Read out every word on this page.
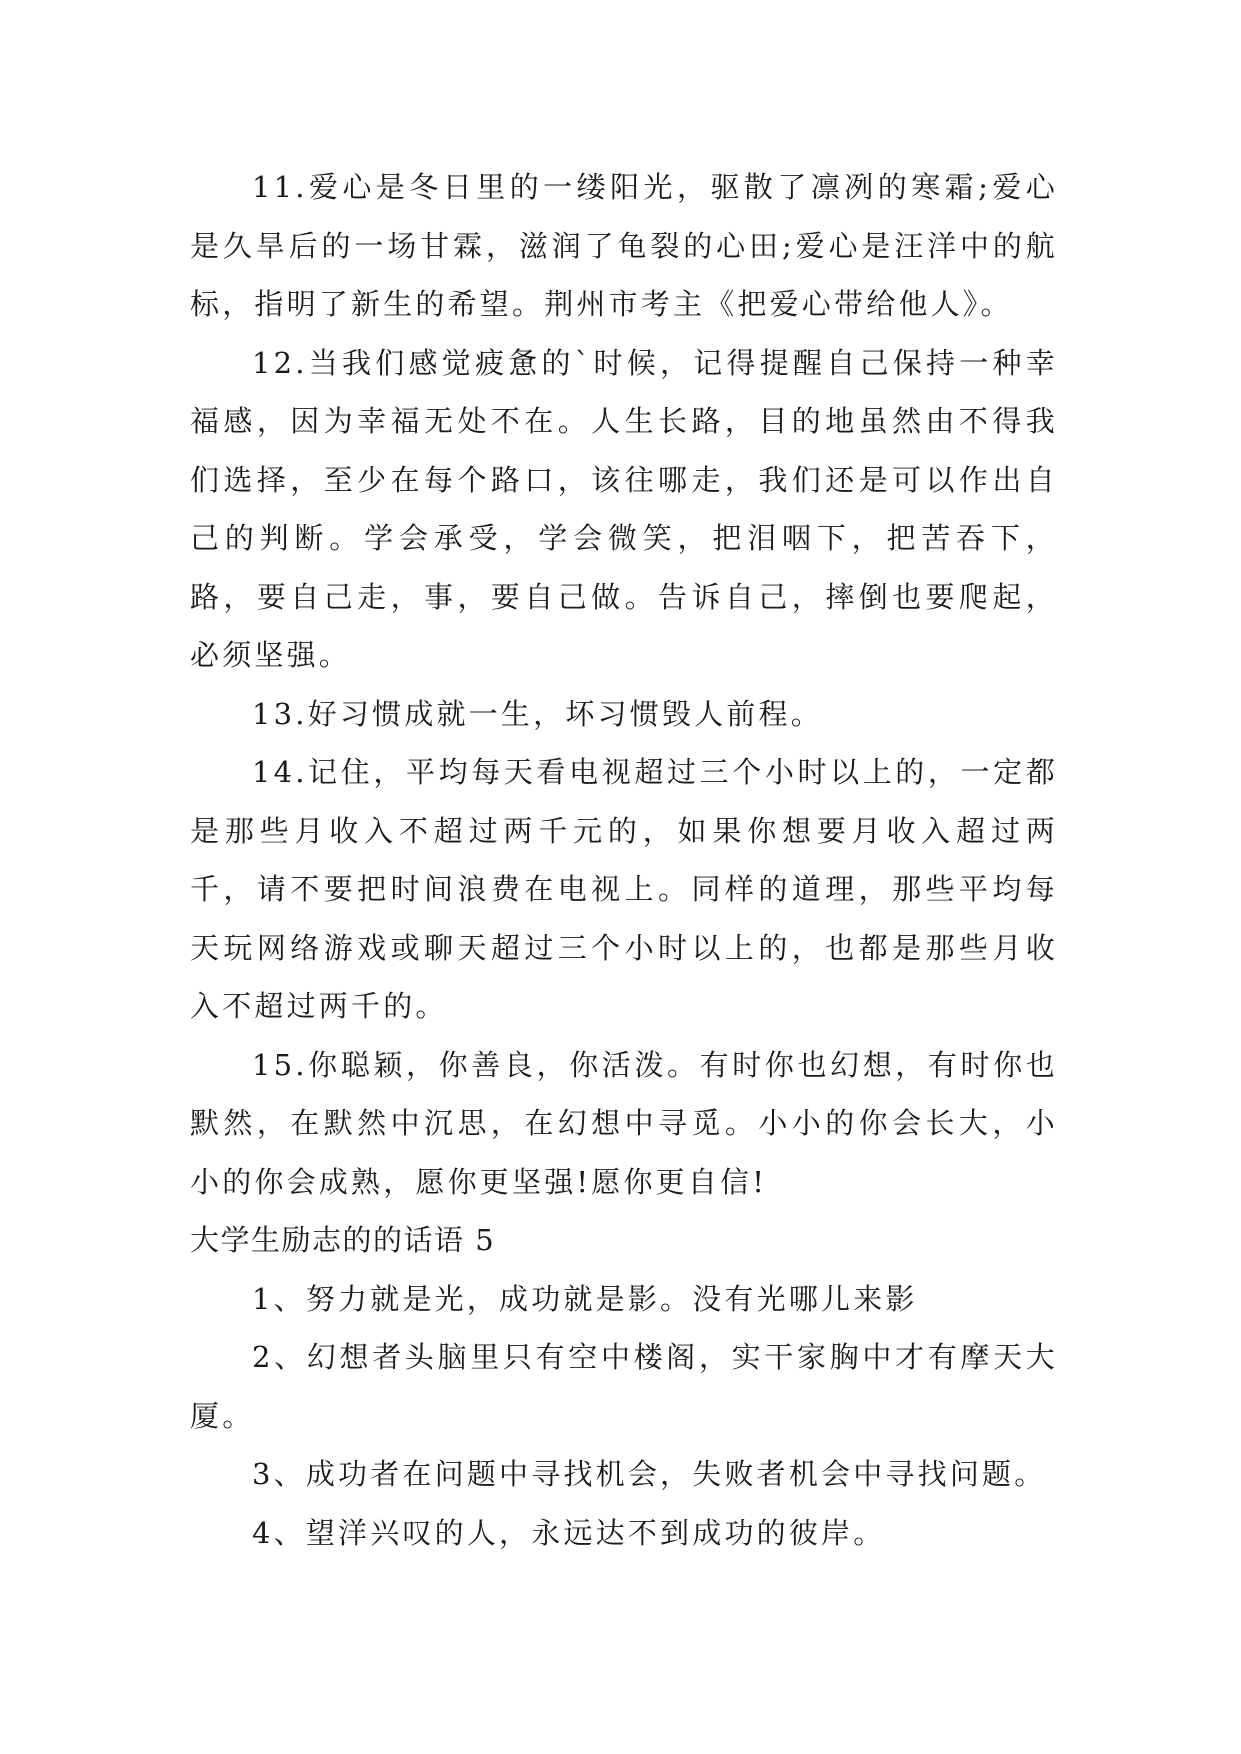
11.爱心是冬日里的一缕阳光，驱散了凛冽的寒霜;爱心是久旱后的一场甘霖，滋润了龟裂的心田;爱心是汪洋中的航标，指明了新生的希望。荆州市考主《把爱心带给他人》。

12.当我们感觉疲惫的`时候，记得提醒自己保持一种幸福感，因为幸福无处不在。人生长路，目的地虽然由不得我们选择，至少在每个路口，该往哪走，我们还是可以作出自己的判断。学会承受，学会微笑，把泪咽下，把苦吞下，路，要自己走，事，要自己做。告诉自己，摔倒也要爬起，必须坚强。

13.好习惯成就一生，坏习惯毁人前程。

14.记住，平均每天看电视超过三个小时以上的，一定都是那些月收入不超过两千元的，如果你想要月收入超过两千，请不要把时间浪费在电视上。同样的道理，那些平均每天玩网络游戏或聊天超过三个小时以上的，也都是那些月收入不超过两千的。

15.你聪颖，你善良，你活泼。有时你也幻想，有时你也默然，在默然中沉思，在幻想中寻觅。小小的你会长大，小小的你会成熟，愿你更坚强!愿你更自信!

大学生励志的的话语 5

1、努力就是光，成功就是影。没有光哪儿来影

2、幻想者头脑里只有空中楼阁，实干家胸中才有摩天大厦。

3、成功者在问题中寻找机会，失败者机会中寻找问题。

4、望洋兴叹的人，永远达不到成功的彼岸。
